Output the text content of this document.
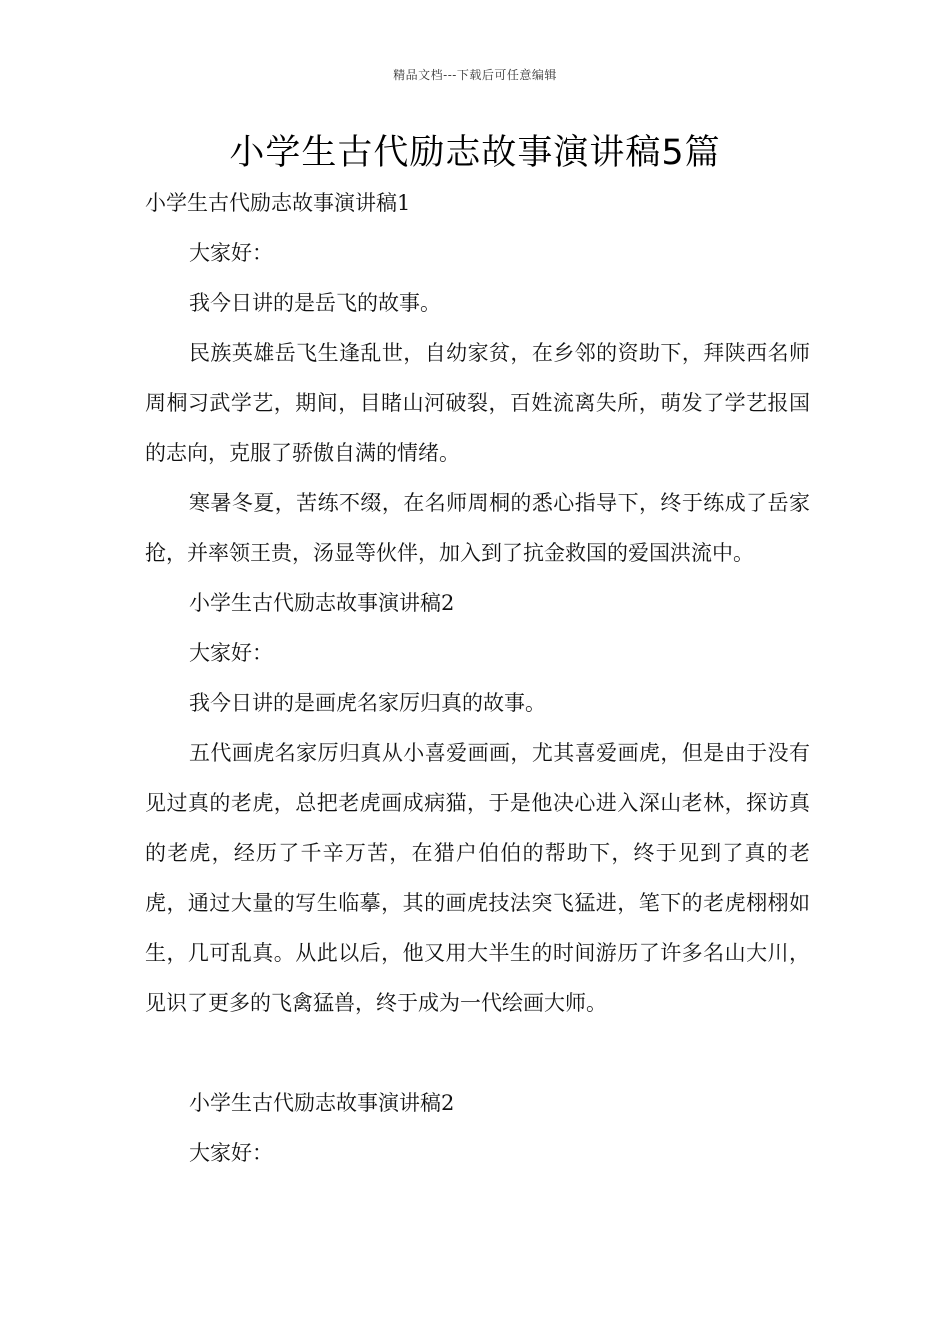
精品文档---下载后可任意编辑
小学生古代励志故事演讲稿5篇

小学生古代励志故事演讲稿1

大家好：

我今日讲的是岳飞的故事。

民族英雄岳飞生逢乱世，自幼家贫，在乡邻的资助下，拜陕西名师周桐习武学艺，期间，目睹山河破裂，百姓流离失所，萌发了学艺报国的志向，克服了骄傲自满的情绪。

寒暑冬夏，苦练不缀，在名师周桐的悉心指导下，终于练成了岳家抢，并率领王贵，汤显等伙伴，加入到了抗金救国的爱国洪流中。

小学生古代励志故事演讲稿2

大家好：

我今日讲的是画虎名家厉归真的故事。

五代画虎名家厉归真从小喜爱画画，尤其喜爱画虎，但是由于没有见过真的老虎，总把老虎画成病猫，于是他决心进入深山老林，探访真的老虎，经历了千辛万苦，在猎户伯伯的帮助下，终于见到了真的老虎，通过大量的写生临摹，其的画虎技法突飞猛进，笔下的老虎栩栩如生，几可乱真。从此以后，他又用大半生的时间游历了许多名山大川，见识了更多的飞禽猛兽，终于成为一代绘画大师。

小学生古代励志故事演讲稿2

大家好：
